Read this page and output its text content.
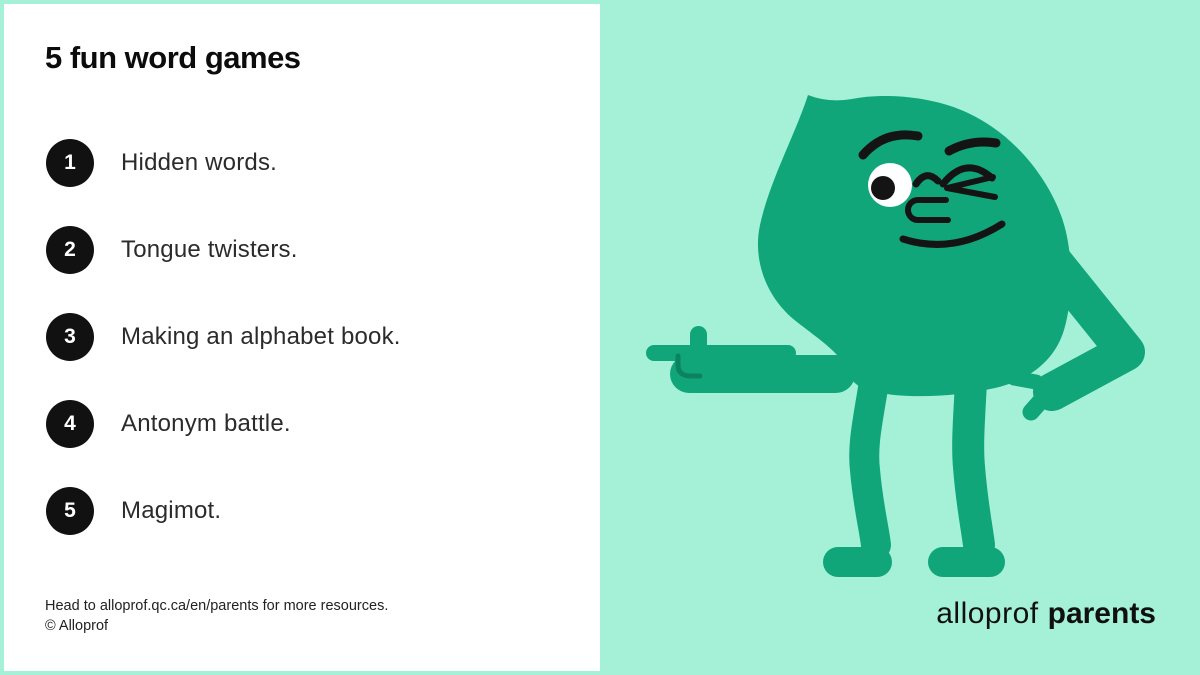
5 fun word games
1	Hidden words.
2	Tongue twisters.
3	Making an alphabet book.
4	Antonym battle.
5	Magimot.
Head to alloprof.qc.ca/en/parents for more resources.
© Alloprof	alloprof parents
